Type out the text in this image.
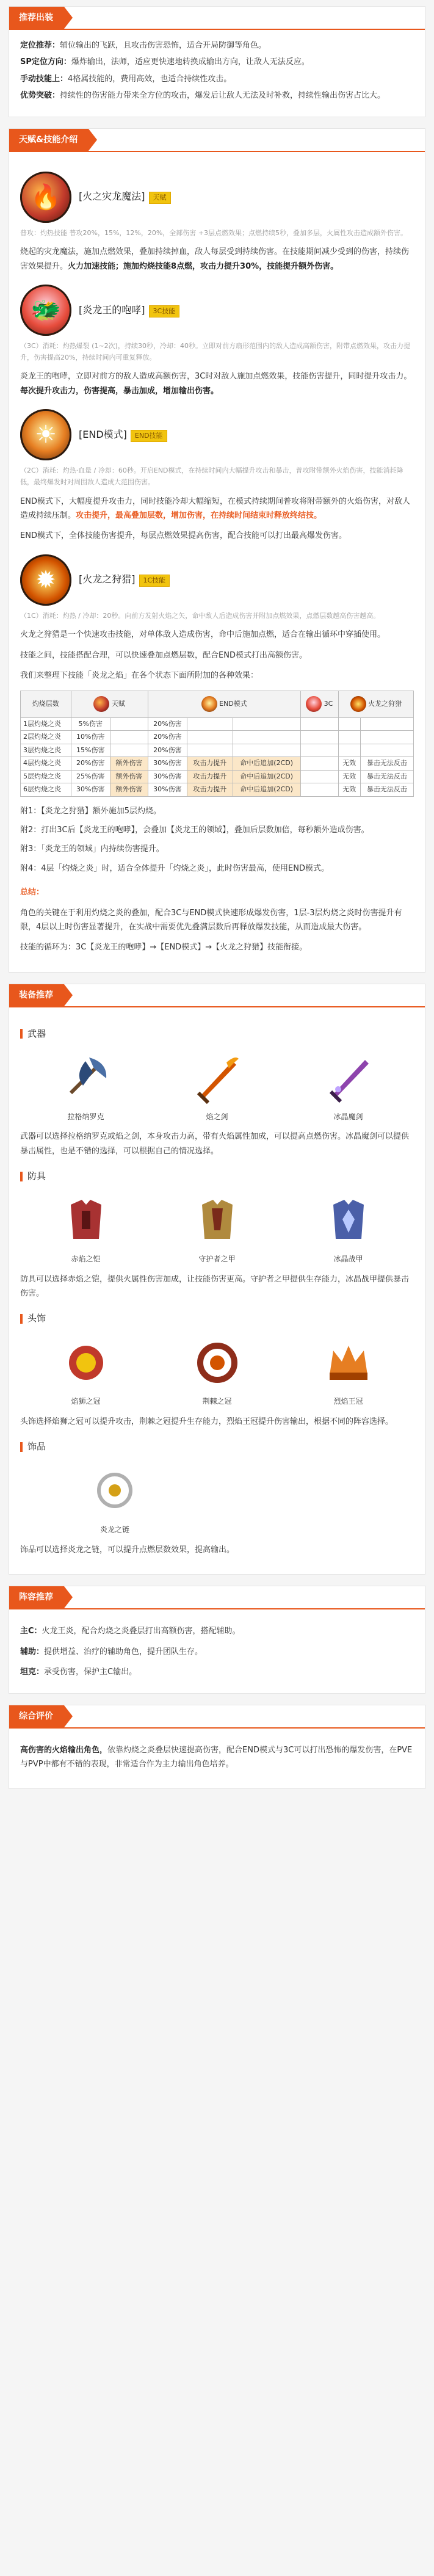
推荐出装
定位推荐：辅位输出的飞跃，且攻击伤害恐怖，适合开局防御等角色。
SP定位方向：爆炸输出，法师，适应更快速地转换成输出方向，让敌人无法反应。
手动技能上：4格属技能的，费用高效，也适合持续性攻击。
优势突破：持续性的伤害能力带来全方位的攻击，爆发后让敌人无法及时补救，持续性输出伤害占比大。
天赋&技能介绍
🔥	[火之灾龙魔法] 天赋
普攻：灼热技能 普攻20%，15%，12%，20%，全部伤害 +3层点燃效果；点燃持续5秒，叠加多层，火属性攻击造成额外伤害。
烧起的灾龙魔法，施加点燃效果，叠加持续掉血，敌人每层受到持续伤害。在技能期间减少受到的伤害，持续伤害效果提升。火力加速技能；施加灼烧技能8点燃，攻击力提升30%，技能提升额外伤害。
🐲	[炎龙王的咆哮] 3C技能
（3C）消耗：灼热爆裂 (1~2次)，持续30秒，冷却：40秒。立即对前方扇形范围内的敌人造成高额伤害，附带点燃效果，攻击力提升，伤害提高20%，持续时间内可重复释放。
炎龙王的咆哮，立即对前方的敌人造成高额伤害，3C时对敌人施加点燃效果，技能伤害提升，同时提升攻击力。每次提升攻击力，伤害提高，暴击加成，增加输出伤害。
☀	[END模式] END技能
（2C）消耗：灼热·血量 / 冷却：60秒。开启END模式，在持续时间内大幅提升攻击和暴击，普攻附带额外火焰伤害，技能消耗降低，最终爆发时对周围敌人造成大范围伤害。
END模式下，大幅度提升攻击力，同时技能冷却大幅缩短，在模式持续期间普攻将附带额外的火焰伤害，对敌人造成持续压制。攻击提升，最高叠加层数，增加伤害，在持续时间结束时释放终结技。
END模式下，全体技能伤害提升，每层点燃效果提高伤害，配合技能可以打出最高爆发伤害。
✹	[火龙之狩猎] 1C技能
（1C）消耗：灼热 / 冷却：20秒。向前方发射火焰之矢，命中敌人后造成伤害并附加点燃效果，点燃层数越高伤害越高。
火龙之狩猎是一个快速攻击技能，对单体敌人造成伤害，命中后施加点燃，适合在输出循环中穿插使用。
技能之间，技能搭配合理，可以快速叠加点燃层数，配合END模式打出高额伤害。
我们来整理下技能「炎龙之焰」在各个状态下面所附加的各种效果：
灼烧层数	天赋		END模式			3C	火龙之狩猎	
1层灼烧之炎	5%伤害		20%伤害					
2层灼烧之炎	10%伤害		20%伤害					
3层灼烧之炎	15%伤害		20%伤害					
4层灼烧之炎	20%伤害	额外伤害	30%伤害	攻击力提升	命中后追加(2CD)		无效	暴击无法反击
5层灼烧之炎	25%伤害	额外伤害	30%伤害	攻击力提升	命中后追加(2CD)		无效	暴击无法反击
6层灼烧之炎	30%伤害	额外伤害	30%伤害	攻击力提升	命中后追加(2CD)		无效	暴击无法反击
附1：【炎龙之狩猎】额外施加5层灼烧。
附2：打出3C后【炎龙王的咆哮】，会叠加【炎龙王的领域】，叠加后层数加倍，每秒额外造成伤害。
附3：「炎龙王的领域」内持续伤害提升。
附4：4层「灼烧之炎」时，适合全体提升「灼烧之炎」，此时伤害最高，使用END模式。
总结：
角色的关键在于利用灼烧之炎的叠加，配合3C与END模式快速形成爆发伤害，1层-3层灼烧之炎时伤害提升有限，4层以上时伤害显著提升，在实战中需要优先叠满层数后再释放爆发技能，从而造成最大伤害。
技能的循环为：3C【炎龙王的咆哮】→【END模式】→【火龙之狩猎】技能衔接。
装备推荐
武器
拉格纳罗克	焰之剑	冰晶魔剑
武器可以选择拉格纳罗克或焰之剑，本身攻击力高，带有火焰属性加成，可以提高点燃伤害。冰晶魔剑可以提供暴击属性，也是不错的选择，可以根据自己的情况选择。
防具
赤焰之铠	守护者之甲	冰晶战甲
防具可以选择赤焰之铠，提供火属性伤害加成，让技能伤害更高。守护者之甲提供生存能力，冰晶战甲提供暴击伤害。
头饰
焰狮之冠	荆棘之冠	烈焰王冠
头饰选择焰狮之冠可以提升攻击，荆棘之冠提升生存能力，烈焰王冠提升伤害输出，根据不同的阵容选择。
饰品
炎龙之链
饰品可以选择炎龙之链，可以提升点燃层数效果，提高输出。
阵容推荐
主C：火龙王炎，配合灼烧之炎叠层打出高额伤害，搭配辅助。
辅助：提供增益、治疗的辅助角色，提升团队生存。
坦克：承受伤害，保护主C输出。
综合评价
高伤害的火焰输出角色，依靠灼烧之炎叠层快速提高伤害，配合END模式与3C可以打出恐怖的爆发伤害，在PVE与PVP中都有不错的表现，非常适合作为主力输出角色培养。
